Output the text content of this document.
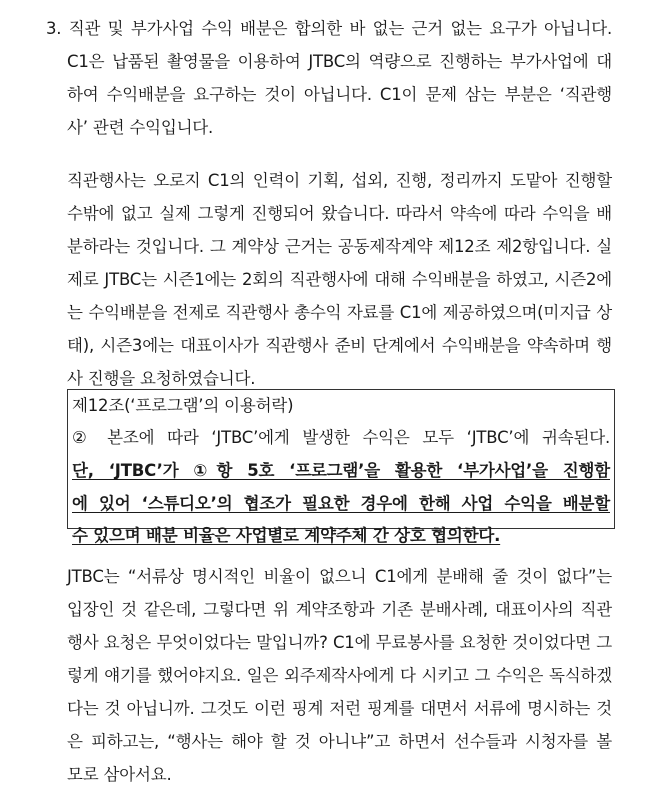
3. 직관 및 부가사업 수익 배분은 합의한 바 없는 근거 없는 요구가 아닙니다.
C1은 납품된 촬영물을 이용하여 JTBC의 역량으로 진행하는 부가사업에 대
하여 수익배분을 요구하는 것이 아닙니다. C1이 문제 삼는 부분은 ‘직관행
사’ 관련 수익입니다.
직관행사는 오로지 C1의 인력이 기획, 섭외, 진행, 정리까지 도맡아 진행할
수밖에 없고 실제 그렇게 진행되어 왔습니다. 따라서 약속에 따라 수익을 배
분하라는 것입니다. 그 계약상 근거는 공동제작계약 제12조 제2항입니다. 실
제로 JTBC는 시즌1에는 2회의 직관행사에 대해 수익배분을 하였고, 시즌2에
는 수익배분을 전제로 직관행사 총수익 자료를 C1에 제공하였으며(미지급 상
태), 시즌3에는 대표이사가 직관행사 준비 단계에서 수익배분을 약속하며 행
사 진행을 요청하였습니다.
제12조(‘프로그램’의 이용허락)
② 본조에 따라 ‘JTBC’에게 발생한 수익은 모두 ‘JTBC’에 귀속된다.
단, ‘JTBC’가 ①항 5호 ‘프로그램’을 활용한 ‘부가사업’을 진행함
에 있어 ‘스튜디오’의 협조가 필요한 경우에 한해 사업 수익을 배분할
수 있으며 배분 비율은 사업별로 계약주체 간 상호 협의한다.
JTBC는 “서류상 명시적인 비율이 없으니 C1에게 분배해 줄 것이 없다”는
입장인 것 같은데, 그렇다면 위 계약조항과 기존 분배사례, 대표이사의 직관
행사 요청은 무엇이었다는 말입니까? C1에 무료봉사를 요청한 것이었다면 그
렇게 얘기를 했어야지요. 일은 외주제작사에게 다 시키고 그 수익은 독식하겠
다는 것 아닙니까. 그것도 이런 핑계 저런 핑계를 대면서 서류에 명시하는 것
은 피하고는, “행사는 해야 할 것 아니냐”고 하면서 선수들과 시청자를 볼
모로 삼아서요.
